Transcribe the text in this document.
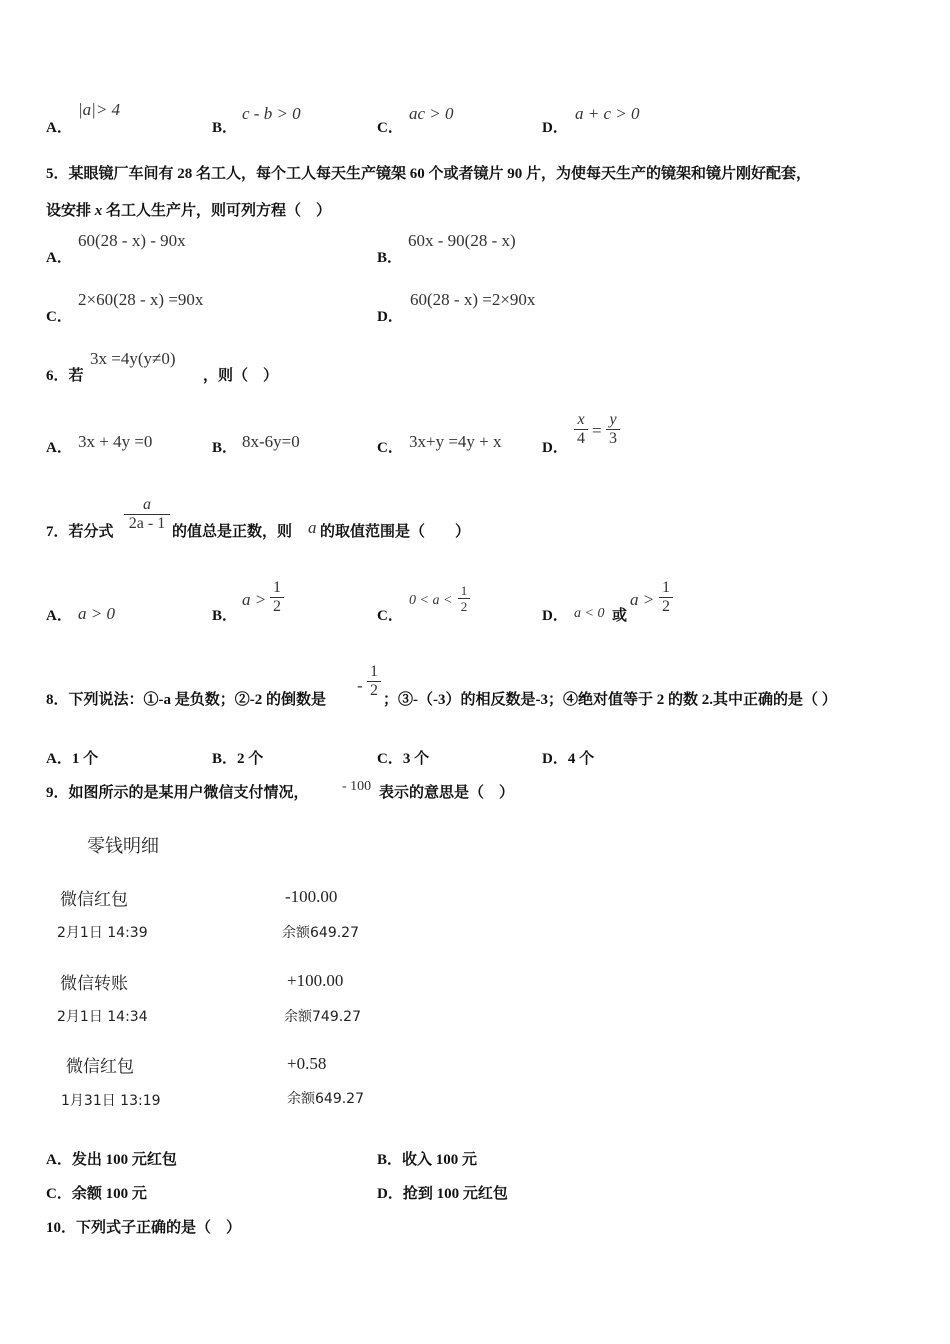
A．
|a|> 4
B．
c - b > 0
C．
ac > 0
D．
a + c > 0
5．某眼镜厂车间有 28 名工人，每个工人每天生产镜架 60 个或者镜片 90 片，为使每天生产的镜架和镜片刚好配套，
设安排 x 名工人生产片，则可列方程（　）
A．
60(28 - x) - 90x
B．
60x - 90(28 - x)
C．
2×60(28 - x) =90x
D．
60(28 - x) =2×90x
6．若
3x =4y(y≠0)
，则（　）
A． 3x + 4y =0	B． 8x-6y=0	C． 3x+y =4y + x	D．
x
4 =
y
3
7．若分式
a
2a - 1 的值总是正数，则 a 的取值范围是（　　）
A． a > 0	B．
a >
1
2
C．
0 < a <
1
2
D． a < 0 或
a >
1
2
8．下列说法：①-a 是负数；②-2 的倒数是
-
1
2
；③-（-3）的相反数是-3；④绝对值等于 2 的数 2.其中正确的是（ ）
A．1 个	B．2 个	C．3 个	D．4 个
9．如图所示的是某用户微信支付情况， - 100 表示的意思是（　）
零钱明细
微信红包	-100.00
2月1日 14:39	余额649.27
微信转账	+100.00
2月1日 14:34	余额749.27
微信红包	+0.58
1月31日 13:19	余额649.27
A．发出 100 元红包	B．收入 100 元
C．余额 100 元	D．抢到 100 元红包
10．下列式子正确的是（　）
